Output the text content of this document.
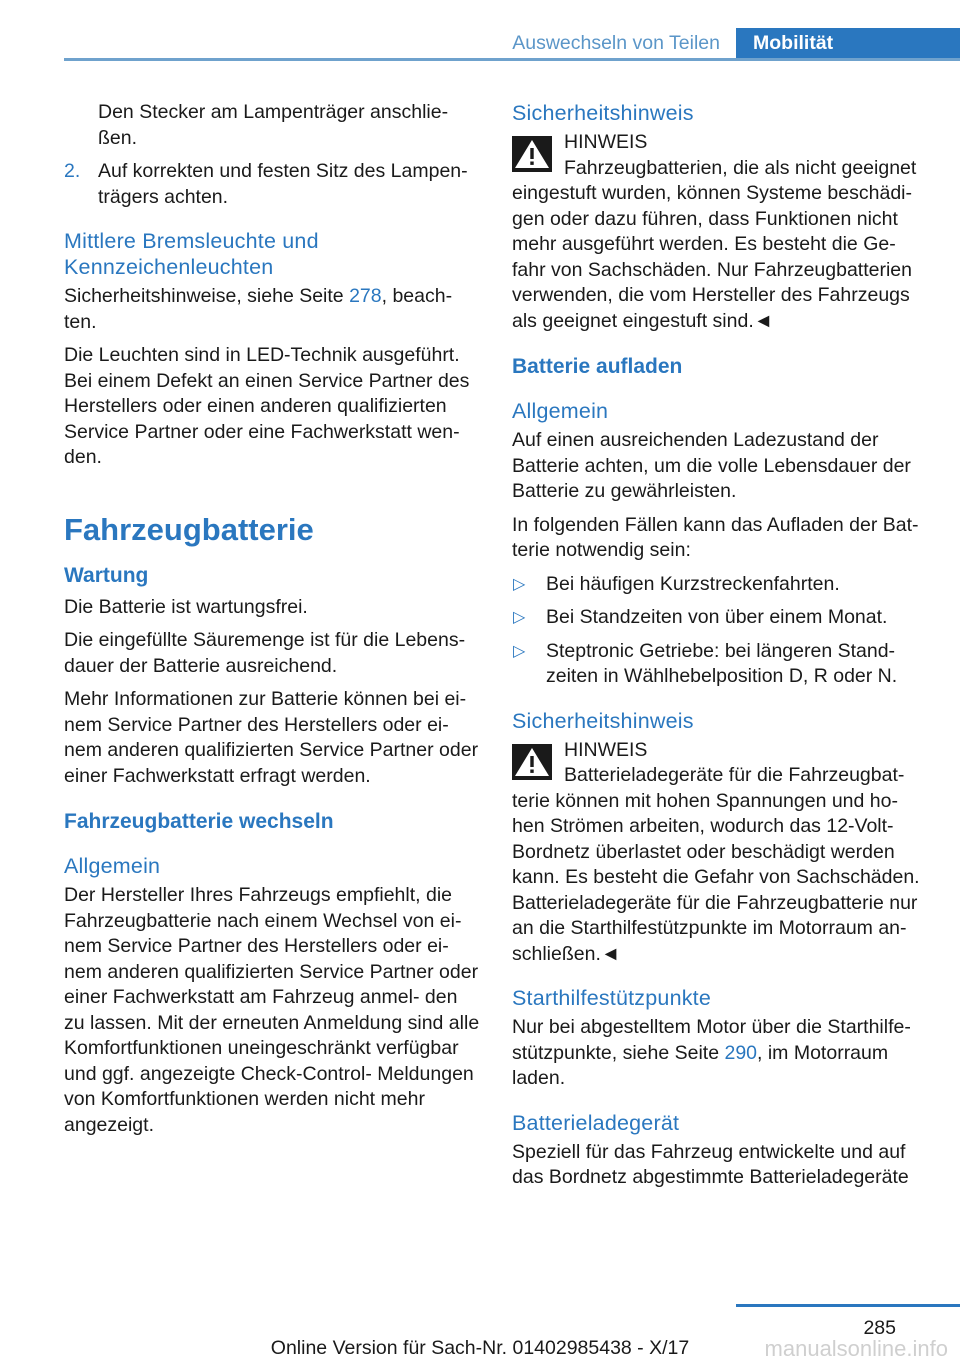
Auswechseln von Teilen	Mobilität

Den Stecker am Lampenträger anschlie‐ ßen.

2. Auf korrekten und festen Sitz des Lampen‐ trägers achten.
Mittlere Bremsleuchte und Kennzeichenleuchten

Sicherheitshinweise, siehe Seite 278, beach‐ ten.

Die Leuchten sind in LED-Technik ausgeführt. Bei einem Defekt an einen Service Partner des Herstellers oder einen anderen qualifizierten Service Partner oder eine Fachwerkstatt wen‐ den.

Fahrzeugbatterie
Wartung

Die Batterie ist wartungsfrei.

Die eingefüllte Säuremenge ist für die Lebens‐ dauer der Batterie ausreichend.

Mehr Informationen zur Batterie können bei ei‐ nem Service Partner des Herstellers oder ei‐ nem anderen qualifizierten Service Partner oder einer Fachwerkstatt erfragt werden.

Fahrzeugbatterie wechseln
Allgemein

Der Hersteller Ihres Fahrzeugs empfiehlt, die Fahrzeugbatterie nach einem Wechsel von ei‐ nem Service Partner des Herstellers oder ei‐ nem anderen qualifizierten Service Partner oder einer Fachwerkstatt am Fahrzeug anmel‐ den zu lassen. Mit der erneuten Anmeldung sind alle Komfortfunktionen uneingeschränkt verfügbar und ggf. angezeigte Check-Control- Meldungen von Komfortfunktionen werden nicht mehr angezeigt.

Sicherheitshinweis
HINWEIS
Fahrzeugbatterien, die als nicht geeignet eingestuft wurden, können Systeme beschädi‐ gen oder dazu führen, dass Funktionen nicht mehr ausgeführt werden. Es besteht die Ge‐ fahr von Sachschäden. Nur Fahrzeugbatterien verwenden, die vom Hersteller des Fahrzeugs als geeignet eingestuft sind.◄
Batterie aufladen
Allgemein

Auf einen ausreichenden Ladezustand der Batterie achten, um die volle Lebensdauer der Batterie zu gewährleisten.

In folgenden Fällen kann das Aufladen der Bat‐ terie notwendig sein:

▷ Bei häufigen Kurzstreckenfahrten.
▷ Bei Standzeiten von über einem Monat.
▷ Steptronic Getriebe: bei längeren Stand‐ zeiten in Wählhebelposition D, R oder N.
Sicherheitshinweis
HINWEIS
Batterieladegeräte für die Fahrzeugbat‐ terie können mit hohen Spannungen und ho‐ hen Strömen arbeiten, wodurch das 12-Volt- Bordnetz überlastet oder beschädigt werden kann. Es besteht die Gefahr von Sachschäden. Batterieladegeräte für die Fahrzeugbatterie nur an die Starthilfestützpunkte im Motorraum an‐ schließen.◄
Starthilfestützpunkte

Nur bei abgestelltem Motor über die Starthilfe‐ stützpunkte, siehe Seite 290, im Motorraum laden.

Batterieladegerät

Speziell für das Fahrzeug entwickelte und auf das Bordnetz abgestimmte Batterieladegeräte

285
Online Version für Sach-Nr. 01402985438 - X/17	manualsonline.info
